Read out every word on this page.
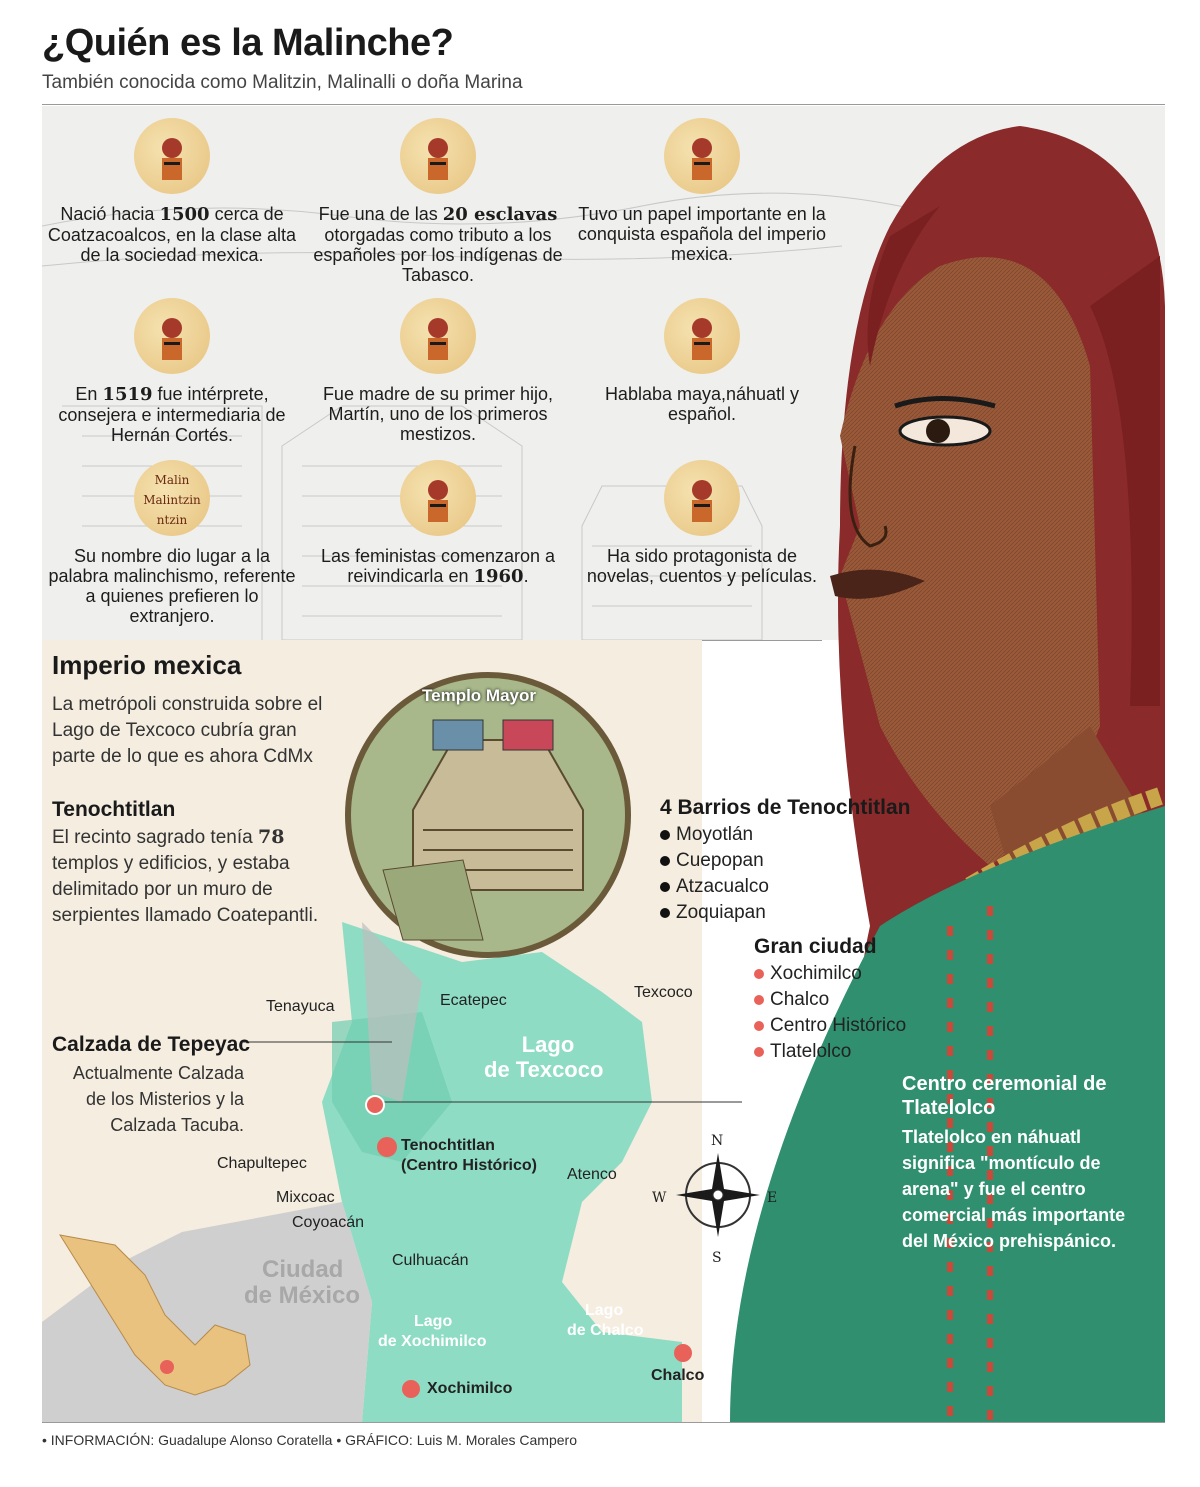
¿Quién es la Malinche?
También conocida como Malitzin, Malinalli o doña Marina
Nació hacia 1500 cerca de Coatzacoalcos, en la clase alta de la sociedad mexica.
Fue una de las 20 esclavas otorgadas como tributo a los españoles por los indígenas de Tabasco.
Tuvo un papel importante en la conquista española del imperio mexica.
En 1519 fue intérprete, consejera e intermediaria de Hernán Cortés.
Fue madre de su primer hijo, Martín, uno de los primeros mestizos.
Hablaba maya,náhuatl y español.
Malin
Malintzin
ntzin
Su nombre dio lugar a la palabra malinchismo, referente a quienes prefieren lo extranjero.
Las feministas comenzaron a reivindicarla en 1960.
Ha sido protagonista de novelas, cuentos y películas.
N
S
E
W
Templo Mayor
Imperio mexica
La metrópoli construida sobre el Lago de Texcoco cubría gran parte de lo que es ahora CdMx
Tenochtitlan
El recinto sagrado tenía 78 templos y edificios, y estaba delimitado por un muro de serpientes llamado Coatepantli.
4 Barrios de Tenochtitlan
Moyotlán
Cuepopan
Atzacualco
Zoquiapan
Gran ciudad
Xochimilco
Chalco
Centro Histórico
Tlatelolco
Calzada de Tepeyac
Actualmente Calzada de los Misterios y la Calzada Tacuba.
Centro ceremonial de Tlatelolco
Tlatelolco en náhuatl significa "montículo de arena" y fue el centro comercial más importante del México prehispánico.
Tenayuca	Ecatepec	Texcoco
Chapultepec
Mixcoac
Coyoacán
Atenco
Culhuacán
Tenochtitlan
(Centro Histórico)
Xochimilco
Chalco
Lago
de Texcoco
Lago
de Xochimilco
Lago
de Chalco
Ciudad
de México
• INFORMACIÓN: Guadalupe Alonso Coratella • GRÁFICO: Luis M. Morales Campero
